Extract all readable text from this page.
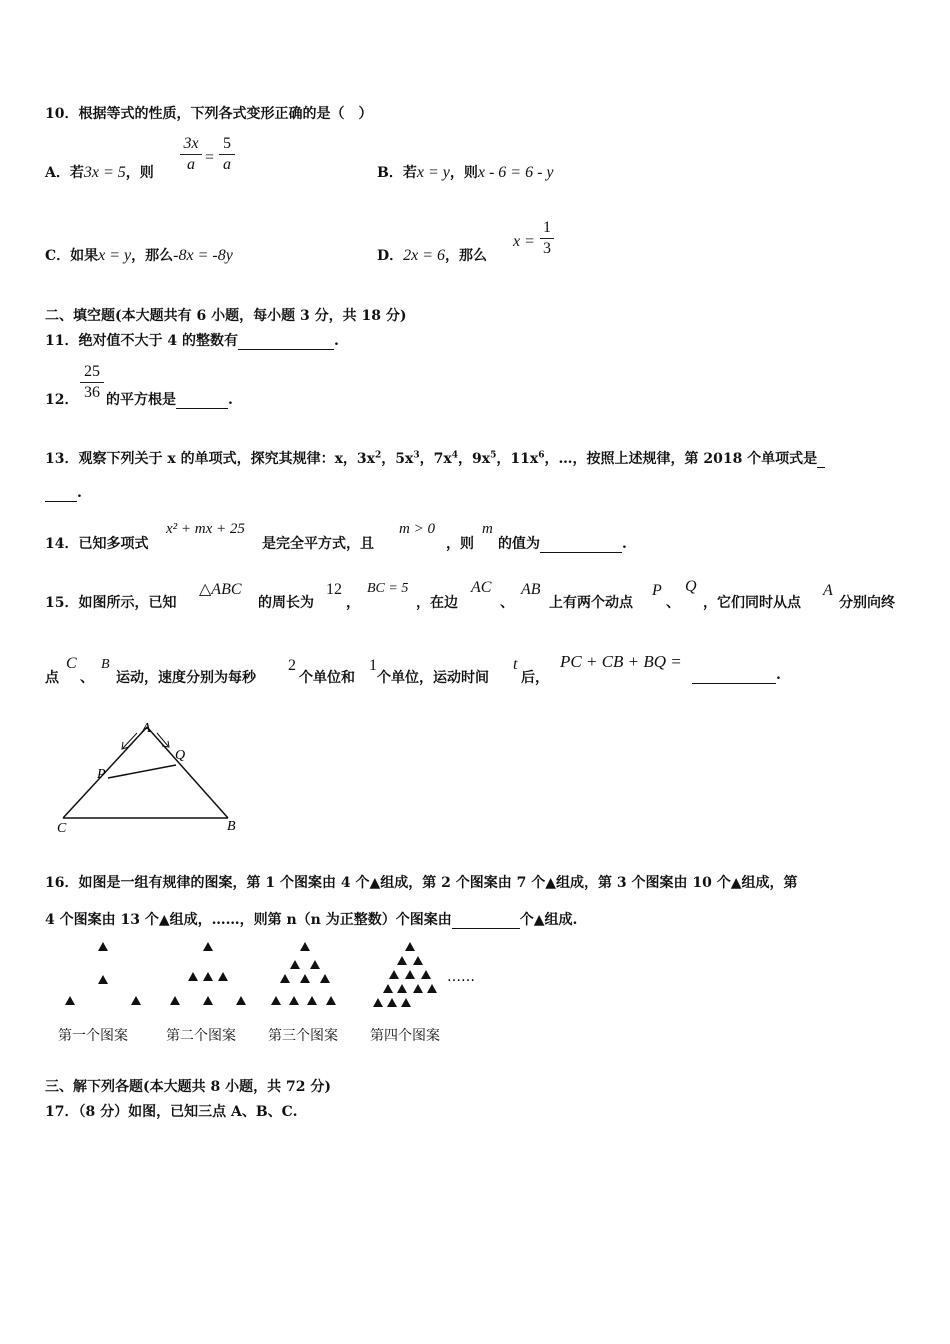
10．根据等式的性质，下列各式变形正确的是（　）
A．若3x = 5，则
3x
a =
5
a	B．若x = y，则x - 6 = 6 - y
C．如果x = y，那么-8x = -8y	D．2x = 6，那么
x =
1
3
二、填空题(本大题共有 6 小题，每小题 3 分，共 18 分)
11．绝对值不大于 4 的整数有	.
12．
25
36 的平方根是	.
13．观察下列关于 x 的单项式，探究其规律：x，$3x^2$，$5x^3$，$7x^4$，$9x^5$，$11x^6$，…，按照上述规律，第 2018 个单项式是
.
14．已知多项式
x² + mx + 25
是完全平方式，且
m > 0
，则
m
的值为	.
15．如图所示，已知
△ABC
的周长为
12
，
BC = 5
，在边
AC
、
AB
上有两个动点
P
、
Q
，它们同时从点
A
分别向终
点
C
、
B
运动，速度分别为每秒
2
个单位和
1
个单位，运动时间
t
后，
PC + CB + BQ =
.
A
Q
P
C	B
16．如图是一组有规律的图案，第 1 个图案由 4 个▲组成，第 2 个图案由 7 个▲组成，第 3 个图案由 10 个▲组成，第
4 个图案由 13 个▲组成，……，则第 n（n 为正整数）个图案由	个▲组成.
……
第一个图案	第二个图案 第三个图案 第四个图案
三、解下列各题(本大题共 8 小题，共 72 分)
17．（8 分）如图，已知三点 A、B、C.
